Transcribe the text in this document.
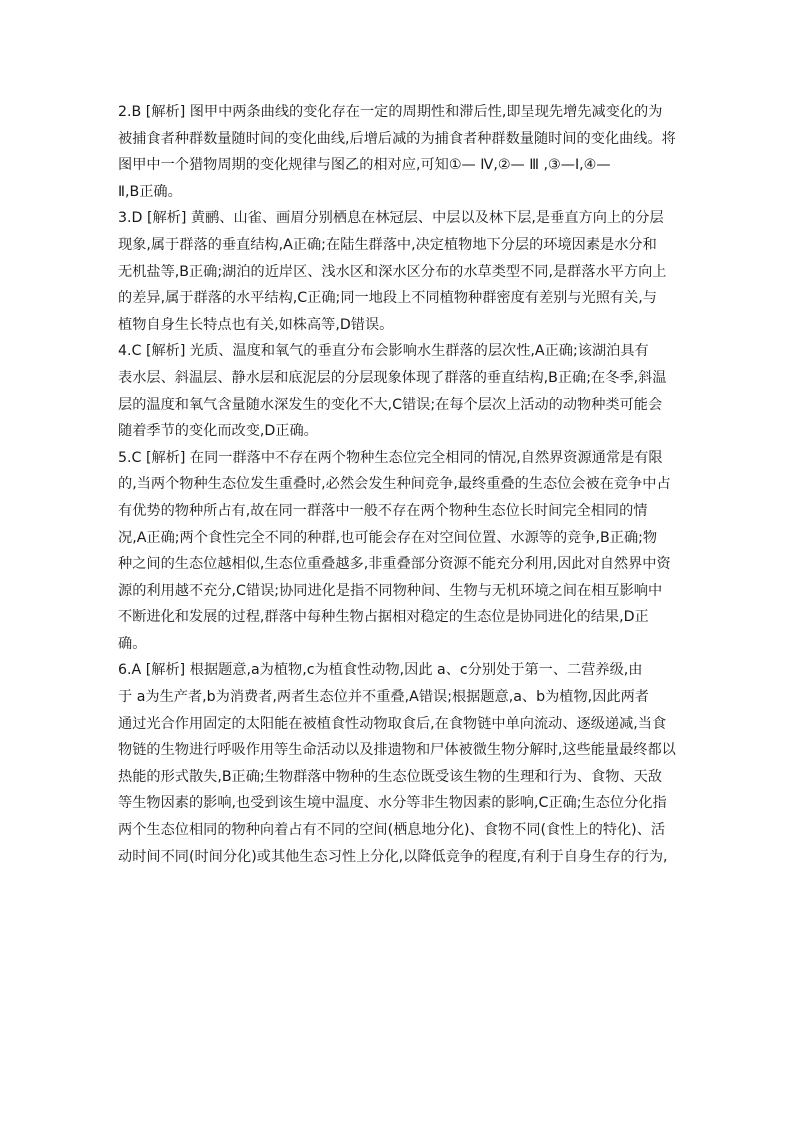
2.B [解析] 图甲中两条曲线的变化存在一定的周期性和滞后性,即呈现先增先减变化的为
被捕食者种群数量随时间的变化曲线,后增后减的为捕食者种群数量随时间的变化曲线。将
图甲中一个猎物周期的变化规律与图乙的相对应,可知①— Ⅳ,②— Ⅲ ,③—Ⅰ,④—
Ⅱ,B正确。
3.D [解析] 黄鹂、山雀、画眉分别栖息在林冠层、中层以及林下层,是垂直方向上的分层
现象,属于群落的垂直结构,A正确;在陆生群落中,决定植物地下分层的环境因素是水分和
无机盐等,B正确;湖泊的近岸区、浅水区和深水区分布的水草类型不同,是群落水平方向上
的差异,属于群落的水平结构,C正确;同一地段上不同植物种群密度有差别与光照有关,与
植物自身生长特点也有关,如株高等,D错误。
4.C [解析] 光质、温度和氧气的垂直分布会影响水生群落的层次性,A正确;该湖泊具有
表水层、斜温层、静水层和底泥层的分层现象体现了群落的垂直结构,B正确;在冬季,斜温
层的温度和氧气含量随水深发生的变化不大,C错误;在每个层次上活动的动物种类可能会
随着季节的变化而改变,D正确。
5.C [解析] 在同一群落中不存在两个物种生态位完全相同的情况,自然界资源通常是有限
的,当两个物种生态位发生重叠时,必然会发生种间竞争,最终重叠的生态位会被在竞争中占
有优势的物种所占有,故在同一群落中一般不存在两个物种生态位长时间完全相同的情
况,A正确;两个食性完全不同的种群,也可能会存在对空间位置、水源等的竞争,B正确;物
种之间的生态位越相似,生态位重叠越多,非重叠部分资源不能充分利用,因此对自然界中资
源的利用越不充分,C错误;协同进化是指不同物种间、生物与无机环境之间在相互影响中
不断进化和发展的过程,群落中每种生物占据相对稳定的生态位是协同进化的结果,D正
确。
6.A [解析] 根据题意,a为植物,c为植食性动物,因此 a、c分别处于第一、二营养级,由
于 a为生产者,b为消费者,两者生态位并不重叠,A错误;根据题意,a、b为植物,因此两者
通过光合作用固定的太阳能在被植食性动物取食后,在食物链中单向流动、逐级递减,当食
物链的生物进行呼吸作用等生命活动以及排遗物和尸体被微生物分解时,这些能量最终都以
热能的形式散失,B正确;生物群落中物种的生态位既受该生物的生理和行为、食物、天敌
等生物因素的影响,也受到该生境中温度、水分等非生物因素的影响,C正确;生态位分化指
两个生态位相同的物种向着占有不同的空间(栖息地分化)、食物不同(食性上的特化)、活
动时间不同(时间分化)或其他生态习性上分化,以降低竞争的程度,有利于自身生存的行为,
